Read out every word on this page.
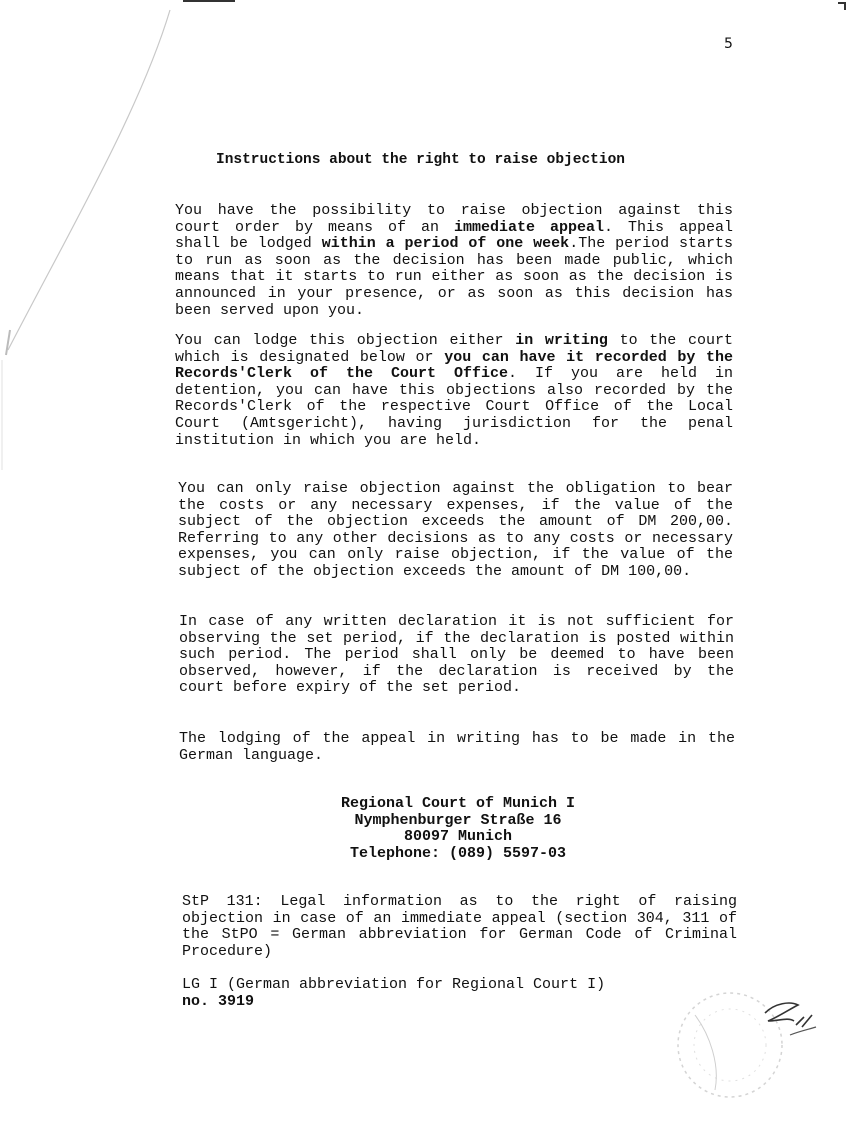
5
Instructions about the right to raise objection
You have the possibility to raise objection against this court order by means of an immediate appeal. This appeal shall be lodged within a period of one week.The period starts to run as soon as the decision has been made public, which means that it starts to run either as soon as the decision is announced in your presence, or as soon as this decision has been served upon you.
You can lodge this objection either in writing to the court which is designated below or you can have it recorded by the Records'Clerk of the Court Office. If you are held in detention, you can have this objections also recorded by the Records'Clerk of the respective Court Office of the Local Court (Amtsgericht), having jurisdiction for the penal institution in which you are held.
You can only raise objection against the obligation to bear the costs or any necessary expenses, if the value of the subject of the objection exceeds the amount of DM 200,00. Referring to any other decisions as to any costs or necessary expenses, you can only raise objection, if the value of the subject of the objection exceeds the amount of DM 100,00.
In case of any written declaration it is not sufficient for observing the set period, if the declaration is posted within such period. The period shall only be deemed to have been observed, however, if the declaration is received by the court before expiry of the set period.
The lodging of the appeal in writing has to be made in the German language.
Regional Court of Munich I
Nymphenburger Straße 16
80097 Munich
Telephone: (089) 5597-03
StP 131: Legal information as to the right of raising objection in case of an immediate appeal (section 304, 311 of the StPO = German abbreviation for German Code of Criminal Procedure)
LG I (German abbreviation for Regional Court I)
no. 3919
